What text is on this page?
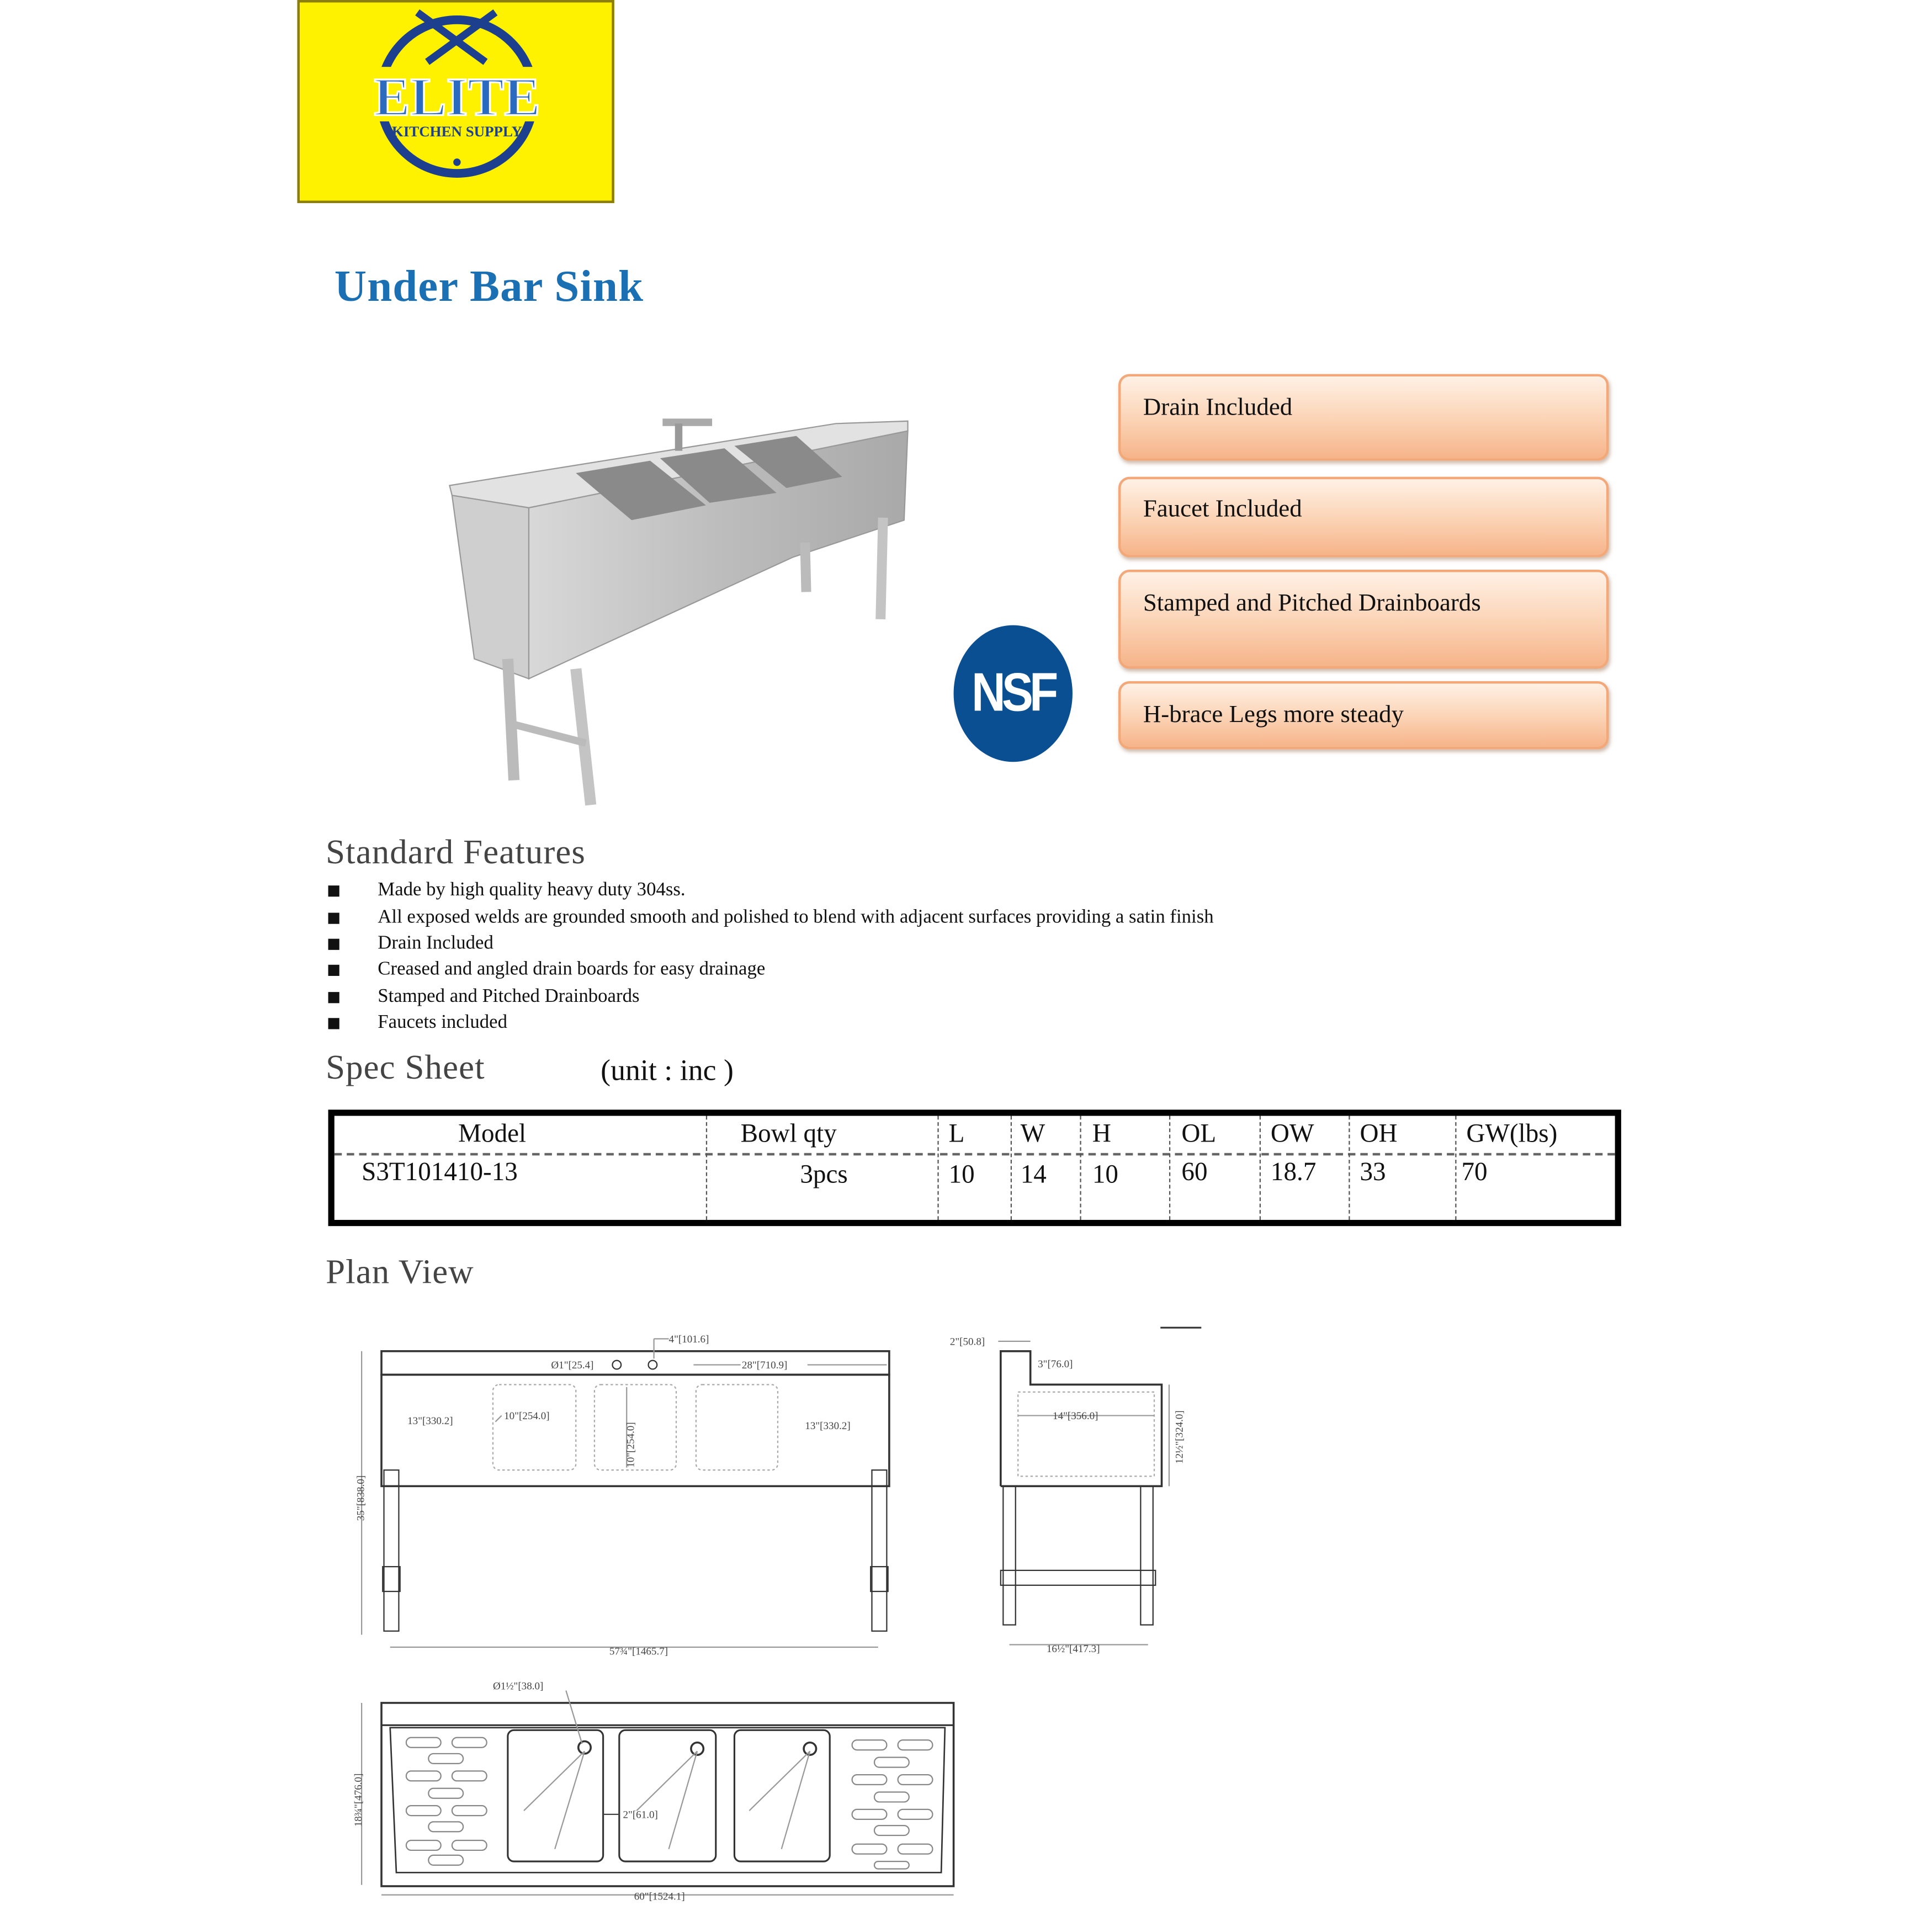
ELITE
KITCHEN SUPPLY
Under Bar Sink
NSF
Drain Included
Faucet Included
Stamped and Pitched Drainboards
H-brace Legs more steady
Standard Features
Made by high quality heavy duty 304ss.
All exposed welds are grounded smooth and polished to blend with adjacent surfaces providing a satin finish
Drain Included
Creased and angled drain boards for easy drainage
Stamped and Pitched Drainboards
Faucets included
Spec Sheet	(unit : inc )
Model	Bowl qty	L	W	H	OL	OW	OH	GW(lbs)
S3T101410-13	3pcs	10	14	10	60	18.7	33	70
Plan View
4"[101.6]
Ø1"[25.4]	28"[710.9]
13"[330.2]	10"[254.0]
10"[254.0]	13"[330.2]
35"[838.0]
57¾"[1465.7]
2"[50.8]
3"[76.0]
14"[356.0]	12½"[324.0]
16½"[417.3]
Ø1½"[38.0]
18¾"[476.0]	2"[61.0]
60"[1524.1]
